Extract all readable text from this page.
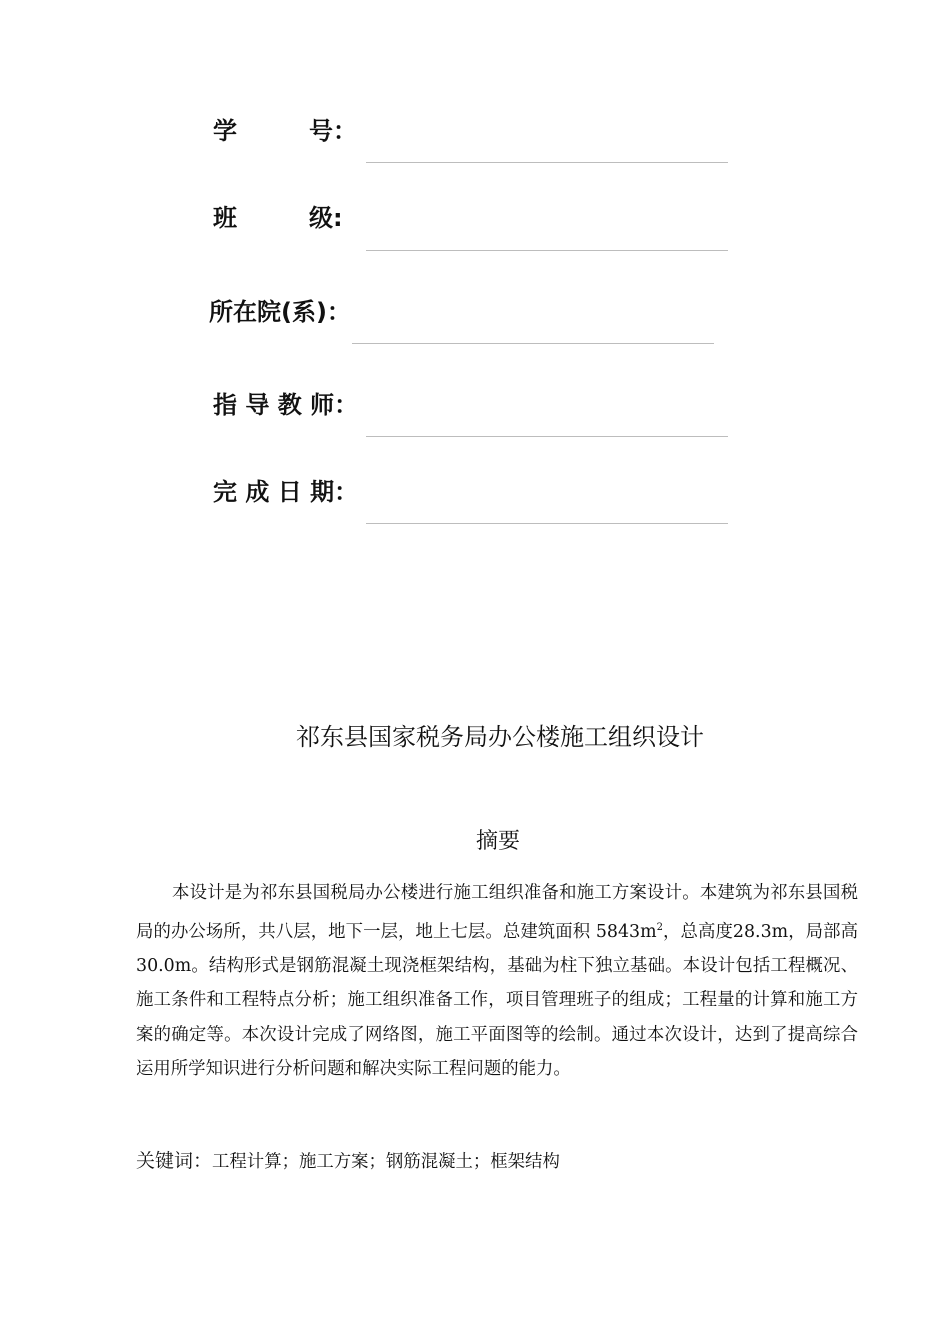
学　　　号：
班　　　级:
所在院(系)：
指 导 教 师：
完 成 日 期：
祁东县国家税务局办公楼施工组织设计
摘要

本设计是为祁东县国税局办公楼进行施工组织准备和施工方案设计。本建筑为祁东县国税局的办公场所，共八层，地下一层，地上七层。总建筑面积 $5843m^2$，总高度28.3m，局部高 30.0m。结构形式是钢筋混凝土现浇框架结构，基础为柱下独立基础。本设计包括工程概况、施工条件和工程特点分析；施工组织准备工作，项目管理班子的组成；工程量的计算和施工方案的确定等。本次设计完成了网络图，施工平面图等的绘制。通过本次设计，达到了提高综合运用所学知识进行分析问题和解决实际工程问题的能力。

关键词：工程计算；施工方案；钢筋混凝土；框架结构
